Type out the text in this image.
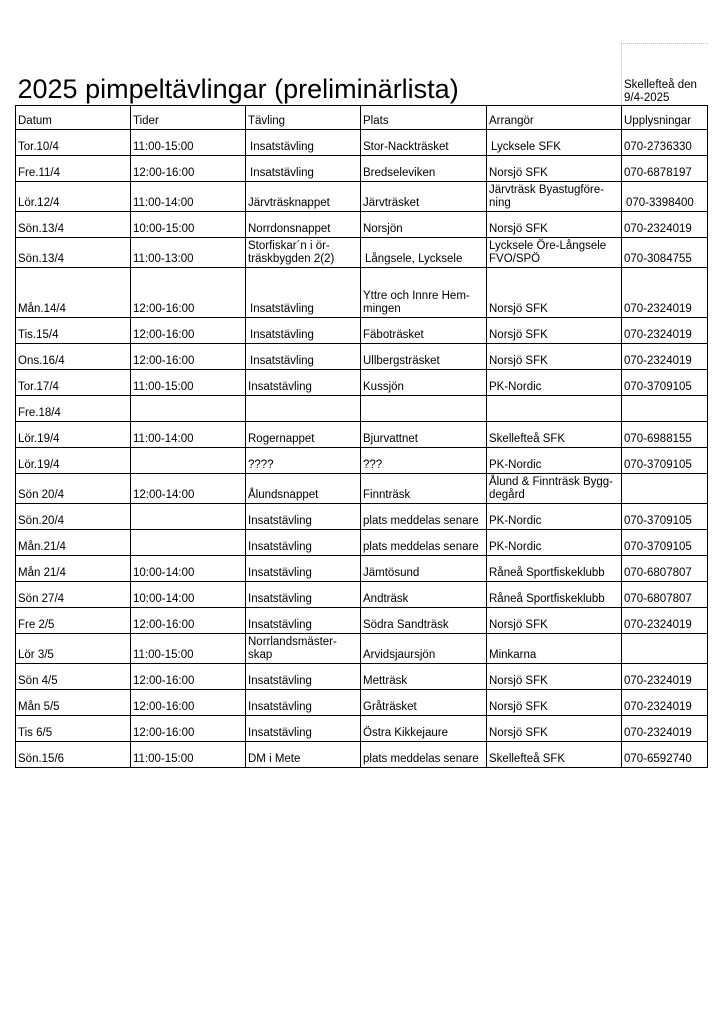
2025 pimpeltävlingar (preliminärlista)					Skellefteå den 9/4-2025
Datum	Tider	Tävling	Plats	Arrangör	Upplysningar
Tor.10/4	11:00-15:00	Insatstävling	Stor-Nackträsket	Lycksele SFK	070-2736330
Fre.11/4	12:00-16:00	Insatstävling	Bredseleviken	Norsjö SFK	070-6878197
Lör.12/4	11:00-14:00	Järvträsknappet	Järvträsket	Järvträsk Byastugföre-ning	070-3398400
Sön.13/4	10:00-15:00	Norrdonsnappet	Norsjön	Norsjö SFK	070-2324019
Sön.13/4	11:00-13:00	Storfiskar´n i ör-träskbygden 2(2)	Långsele, Lycksele	Lycksele Öre-Långsele FVO/SPÖ	070-3084755
Mån.14/4	12:00-16:00	Insatstävling	Yttre och Innre Hem-mingen	Norsjö SFK	070-2324019
Tis.15/4	12:00-16:00	Insatstävling	Fäboträsket	Norsjö SFK	070-2324019
Ons.16/4	12:00-16:00	Insatstävling	Ullbergsträsket	Norsjö SFK	070-2324019
Tor.17/4	11:00-15:00	Insatstävling	Kussjön	PK-Nordic	070-3709105
Fre.18/4					
Lör.19/4	11:00-14:00	Rogernappet	Bjurvattnet	Skellefteå SFK	070-6988155
Lör.19/4		????	???	PK-Nordic	070-3709105
Sön 20/4	12:00-14:00	Ålundsnappet	Finnträsk	Ålund & Finnträsk Bygg-degård	
Sön.20/4		Insatstävling	plats meddelas senare	PK-Nordic	070-3709105
Mån.21/4		Insatstävling	plats meddelas senare	PK-Nordic	070-3709105
Mån 21/4	10:00-14:00	Insatstävling	Jämtösund	Råneå Sportfiskeklubb	070-6807807
Sön 27/4	10:00-14:00	Insatstävling	Andträsk	Råneå Sportfiskeklubb	070-6807807
Fre 2/5	12:00-16:00	Insatstävling	Södra Sandträsk	Norsjö SFK	070-2324019
Lör 3/5	11:00-15:00	Norrlandsmäster-skap	Arvidsjaursjön	Minkarna	
Sön 4/5	12:00-16:00	Insatstävling	Metträsk	Norsjö SFK	070-2324019
Mån 5/5	12:00-16:00	Insatstävling	Gråträsket	Norsjö SFK	070-2324019
Tis 6/5	12:00-16:00	Insatstävling	Östra Kikkejaure	Norsjö SFK	070-2324019
Sön.15/6	11:00-15:00	DM i Mete	plats meddelas senare	Skellefteå SFK	070-6592740
